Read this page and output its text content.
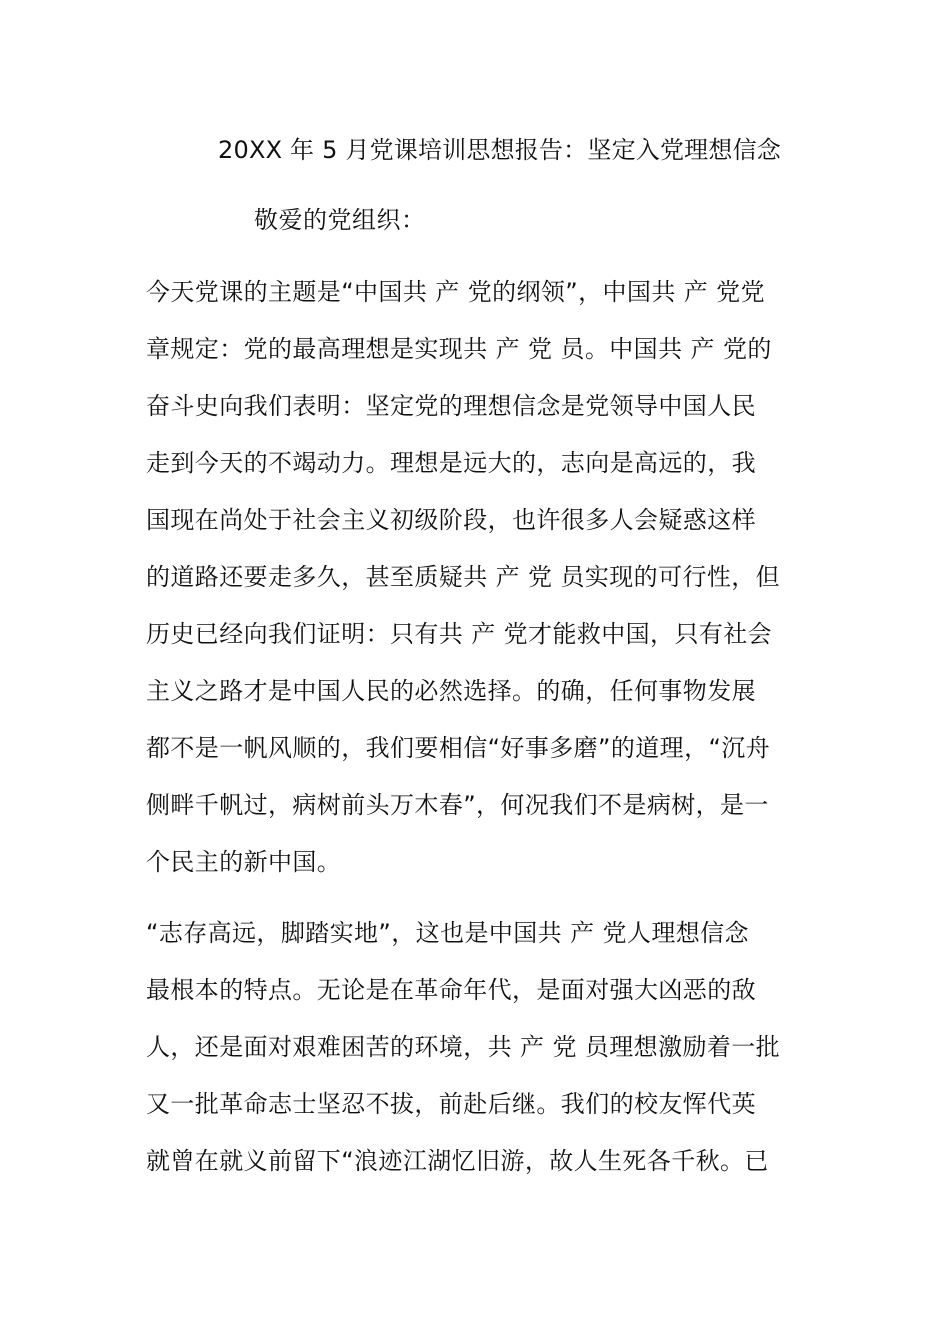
20XX 年 5 月党课培训思想报告：坚定入党理想信念
敬爱的党组织：
今天党课的主题是“中国共 产 党的纲领”，中国共 产 党党
章规定：党的最高理想是实现共 产 党 员。中国共 产 党的
奋斗史向我们表明：坚定党的理想信念是党领导中国人民
走到今天的不竭动力。理想是远大的，志向是高远的，我
国现在尚处于社会主义初级阶段，也许很多人会疑惑这样
的道路还要走多久，甚至质疑共 产 党 员实现的可行性，但
历史已经向我们证明：只有共 产 党才能救中国，只有社会
主义之路才是中国人民的必然选择。的确，任何事物发展
都不是一帆风顺的，我们要相信“好事多磨”的道理，“沉舟
侧畔千帆过，病树前头万木春”，何况我们不是病树，是一
个民主的新中国。
“志存高远，脚踏实地”，这也是中国共 产 党人理想信念
最根本的特点。无论是在革命年代，是面对强大凶恶的敌
人，还是面对艰难困苦的环境，共 产 党 员理想激励着一批
又一批革命志士坚忍不拔，前赴后继。我们的校友恽代英
就曾在就义前留下“浪迹江湖忆旧游，故人生死各千秋。已
